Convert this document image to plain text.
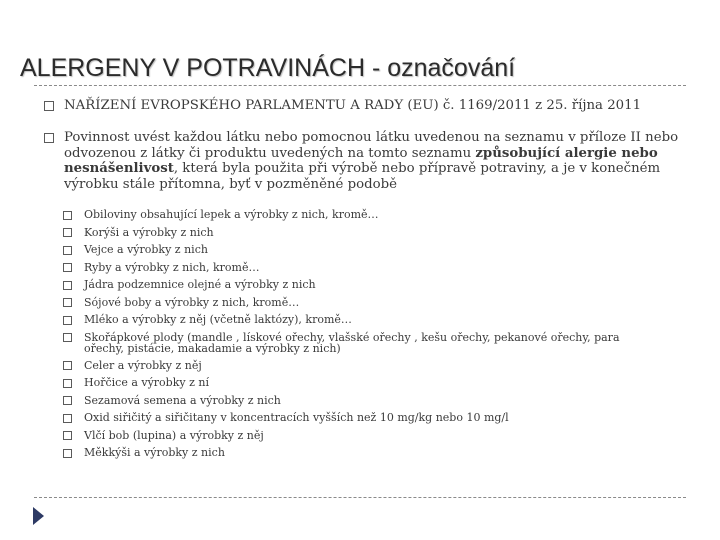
ALERGENY V POTRAVINÁCH - označování
NAŘÍZENÍ EVROPSKÉHO PARLAMENTU A RADY (EU) č. 1169/2011 z 25. října 2011
Povinnost uvést každou látku nebo pomocnou látku uvedenou na seznamu v příloze II nebo odvozenou z látky či produktu uvedených na tomto seznamu způsobující alergie nebo nesnášenlivost, která byla použita při výrobě nebo přípravě potraviny, a je v konečném výrobku stále přítomna, byť v pozměněné podobě
Obiloviny obsahující lepek a výrobky z nich, kromě…
Korýši a výrobky z nich
Vejce a výrobky z nich
Ryby a výrobky z nich, kromě…
Jádra podzemnice olejné a výrobky z nich
Sójové boby a výrobky z nich, kromě…
Mléko a výrobky z něj (včetně laktózy), kromě…
Skořápkové plody (mandle , lískové ořechy, vlašské ořechy , kešu ořechy, pekanové ořechy, para ořechy, pistácie, makadamie a výrobky z nich)
Celer a výrobky z něj
Hořčice a výrobky z ní
Sezamová semena a výrobky z nich
Oxid siřičitý a siřičitany v koncentracích vyšších než 10 mg/kg nebo 10 mg/l
Vlčí bob (lupina) a výrobky z něj
Měkkýši a výrobky z nich
